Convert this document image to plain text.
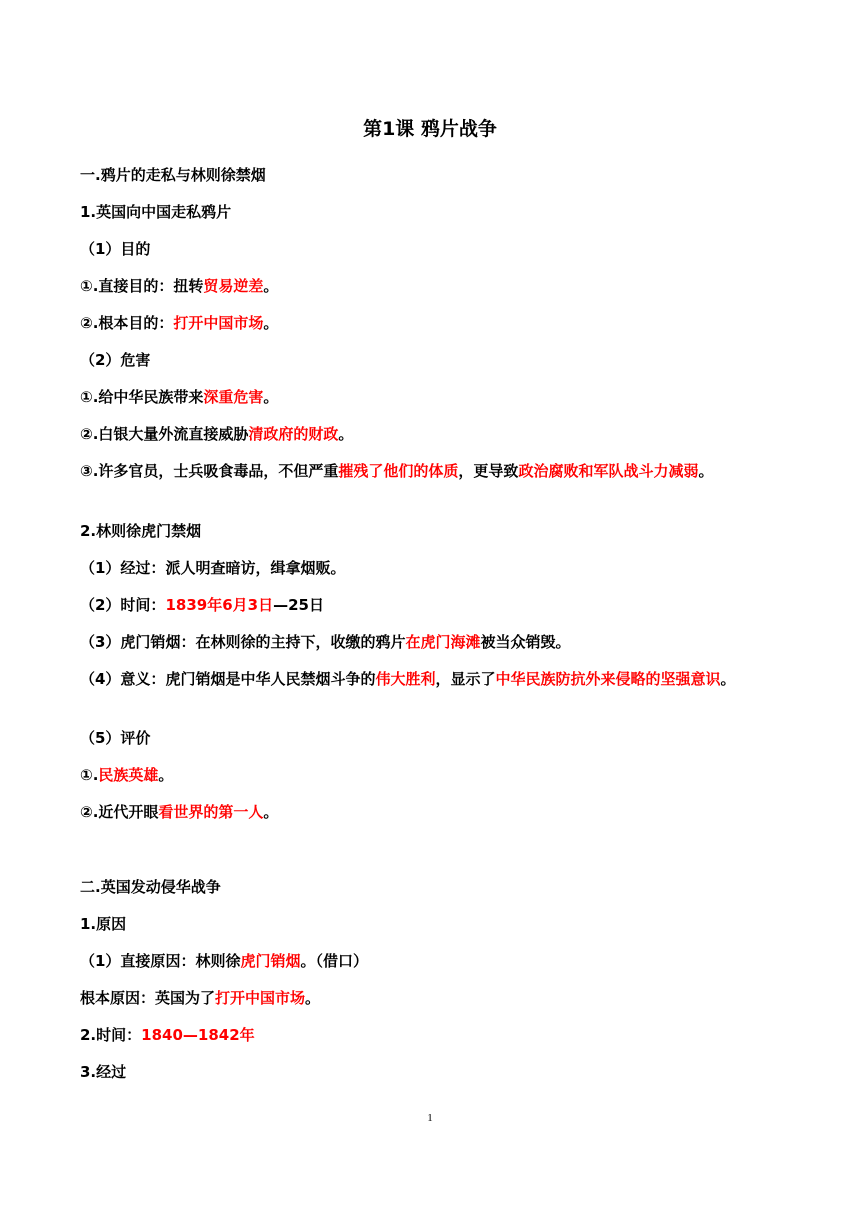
第1课 鸦片战争
一.鸦片的走私与林则徐禁烟
1.英国向中国走私鸦片
（1）目的
①.直接目的：扭转贸易逆差。
②.根本目的：打开中国市场。
（2）危害
①.给中华民族带来深重危害。
②.白银大量外流直接威胁清政府的财政。
③.许多官员，士兵吸食毒品，不但严重摧残了他们的体质，更导致政治腐败和军队战斗力减弱。
2.林则徐虎门禁烟
（1）经过：派人明查暗访，缉拿烟贩。
（2）时间：1839年6月3日—25日
（3）虎门销烟：在林则徐的主持下，收缴的鸦片在虎门海滩被当众销毁。
（4）意义：虎门销烟是中华人民禁烟斗争的伟大胜利，显示了中华民族防抗外来侵略的坚强意识。
（5）评价
①.民族英雄。
②.近代开眼看世界的第一人。
二.英国发动侵华战争
1.原因
（1）直接原因：林则徐虎门销烟。（借口）
根本原因：英国为了打开中国市场。
2.时间：1840—1842年
3.经过
1
